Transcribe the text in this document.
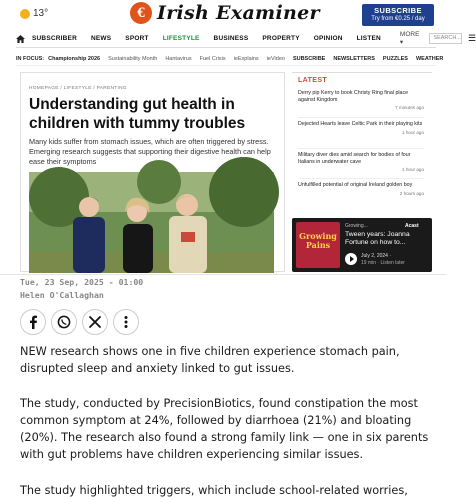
13°	€ Irish Examiner	SUBSCRIBE
Try from €0.25 / day
SUBSCRIBER	NEWS	SPORT	LIFESTYLE	BUSINESS	PROPERTY	OPINION	LISTEN
MORE ▾
SEARCH... ☰
IN FOCUS: Championship 2026 Sustainability Month Hantavirus Fuel Crisis ieExplains ieVideo SUBSCRIBE NEWSLETTERS PUZZLES WEATHER
HOMEPAGE / LIFESTYLE / PARENTING
Understanding gut health in children with tummy troubles

Many kids suffer from stomach issues, which are often triggered by stress. Emerging research suggests that supporting their digestive health can help ease their symptoms

LATEST
Derry pip Kerry to book Christy Ring final place against Kingdom
7 minutes ago
Dejected Hearts leave Celtic Park in their playing kits
1 hour ago
Military diver dies amid search for bodies of four Italians in underwater cave
1 hour ago
Unfulfilled potential of original Ireland golden boy
2 hours ago
Growing Pains
Growing...	Acast
Tween years: Joanna Fortune on how to...
July 2, 2024 ·
19 min · Listen later
Tue, 23 Sep, 2025 - 01:00
Helen O'Callaghan

NEW research shows one in five children experience stomach pain, disrupted sleep and anxiety linked to gut issues.

The study, conducted by PrecisionBiotics, found constipation the most common symptom at 24%, followed by diarrhoea (21%) and bloating (20%). The research also found a strong family link — one in six parents with gut problems have children experiencing similar issues.

The study highlighted triggers, which include school-related worries,
